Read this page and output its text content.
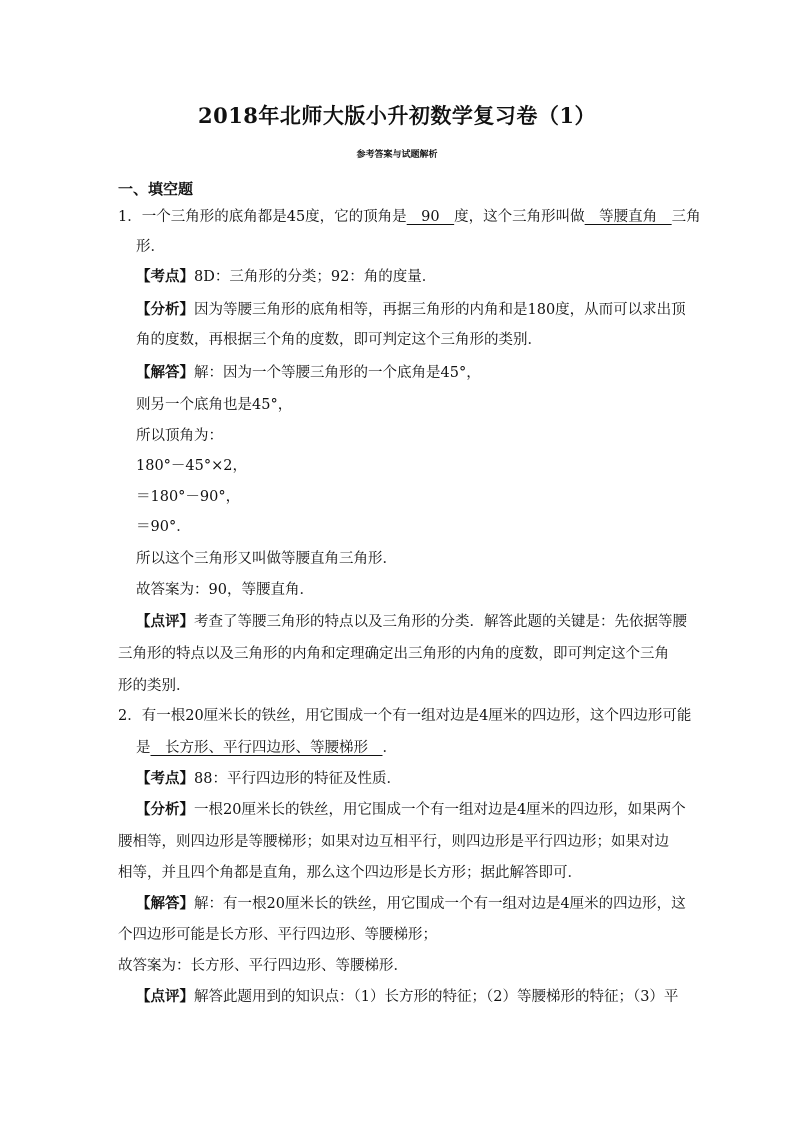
2018年北师大版小升初数学复习卷（1）
参考答案与试题解析
一、填空题
1．一个三角形的底角都是45度，它的顶角是　90　度，这个三角形叫做　等腰直角　三角
形．
【考点】8D：三角形的分类；92：角的度量．
【分析】因为等腰三角形的底角相等，再据三角形的内角和是180度，从而可以求出顶
角的度数，再根据三个角的度数，即可判定这个三角形的类别．
【解答】解：因为一个等腰三角形的一个底角是45°，
则另一个底角也是45°，
所以顶角为：
180°－45°×2，
＝180°－90°，
＝90°．
所以这个三角形又叫做等腰直角三角形．
故答案为：90，等腰直角．
【点评】考查了等腰三角形的特点以及三角形的分类．解答此题的关键是：先依据等腰
三角形的特点以及三角形的内角和定理确定出三角形的内角的度数，即可判定这个三角
形的类别．
2．有一根20厘米长的铁丝，用它围成一个有一组对边是4厘米的四边形，这个四边形可能
是　长方形、平行四边形、等腰梯形　．
【考点】88：平行四边形的特征及性质．
【分析】一根20厘米长的铁丝，用它围成一个有一组对边是4厘米的四边形，如果两个
腰相等，则四边形是等腰梯形；如果对边互相平行，则四边形是平行四边形；如果对边
相等，并且四个角都是直角，那么这个四边形是长方形；据此解答即可．
【解答】解：有一根20厘米长的铁丝，用它围成一个有一组对边是4厘米的四边形，这
个四边形可能是长方形、平行四边形、等腰梯形；
故答案为：长方形、平行四边形、等腰梯形．
【点评】解答此题用到的知识点：（1）长方形的特征；（2）等腰梯形的特征；（3）平
